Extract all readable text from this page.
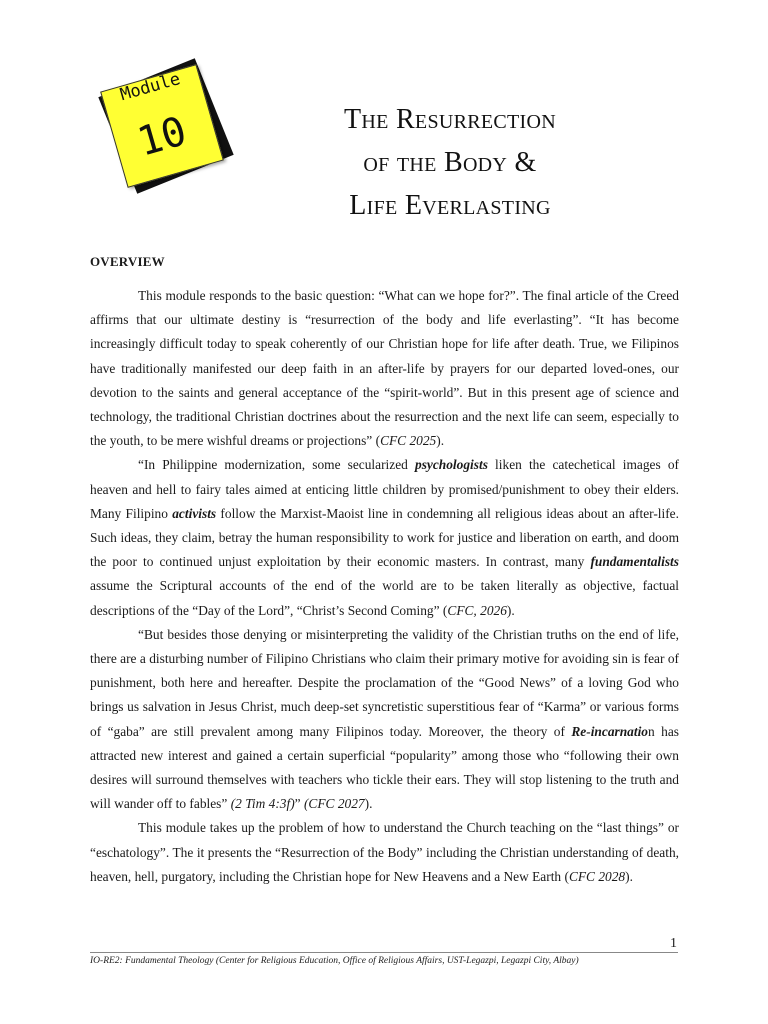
Module
10	The Resurrection
of the Body &
Life Everlasting
OVERVIEW

This module responds to the basic question: “What can we hope for?”. The final article of the Creed affirms that our ultimate destiny is “resurrection of the body and life everlasting”. “It has become increasingly difficult today to speak coherently of our Christian hope for life after death. True, we Filipinos have traditionally manifested our deep faith in an after-life by prayers for our departed loved-ones, our devotion to the saints and general acceptance of the “spirit-world”. But in this present age of science and technology, the traditional Christian doctrines about the resurrection and the next life can seem, especially to the youth, to be mere wishful dreams or projections” (CFC 2025).

“In Philippine modernization, some secularized psychologists liken the catechetical images of heaven and hell to fairy tales aimed at enticing little children by promised/punishment to obey their elders. Many Filipino activists follow the Marxist-Maoist line in condemning all religious ideas about an after-life. Such ideas, they claim, betray the human responsibility to work for justice and liberation on earth, and doom the poor to continued unjust exploitation by their economic masters. In contrast, many fundamentalists assume the Scriptural accounts of the end of the world are to be taken literally as objective, factual descriptions of the “Day of the Lord”, “Christ’s Second Coming” (CFC, 2026).

“But besides those denying or misinterpreting the validity of the Christian truths on the end of life, there are a disturbing number of Filipino Christians who claim their primary motive for avoiding sin is fear of punishment, both here and hereafter. Despite the proclamation of the “Good News” of a loving God who brings us salvation in Jesus Christ, much deep-set syncretistic superstitious fear of “Karma” or various forms of “gaba” are still prevalent among many Filipinos today. Moreover, the theory of Re-incarnation has attracted new interest and gained a certain superficial “popularity” among those who “following their own desires will surround themselves with teachers who tickle their ears. They will stop listening to the truth and will wander off to fables” (2 Tim 4:3f)” (CFC 2027).

This module takes up the problem of how to understand the Church teaching on the “last things” or “eschatology”. The it presents the “Resurrection of the Body” including the Christian understanding of death, heaven, hell, purgatory, including the Christian hope for New Heavens and a New Earth (CFC 2028).

1
IO-RE2: Fundamental Theology (Center for Religious Education, Office of Religious Affairs, UST-Legazpi, Legazpi City, Albay)
